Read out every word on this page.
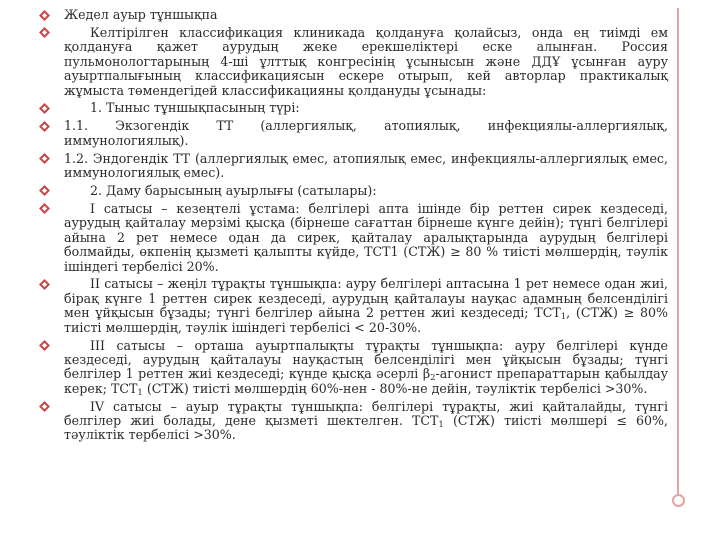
Жедел ауыр тұншықпа
Келтірілген классификация клиникада қолдануға қолайсыз, онда ең тиімді ем қолдануға қажет аурудың жеке ерекшеліктері еске алынған. Россия пульмонологтарының 4-ші ұлттық конгресінің ұсынысын және ДДҰ ұсынған ауру ауыртпалығының классификациясын ескере отырып, кей авторлар практикалық жұмыста төмендегідей классификацияны қолдануды ұсынады:
1. Тыныс тұншықпасының түрі:
1.1. Экзогендік ТТ (аллергиялық, атопиялық, инфекциялы-аллергиялық, иммунологиялық).
1.2. Эндогендік ТТ (аллергиялық емес, атопиялық емес, инфекциялы-аллергиялық емес, иммунологиялық емес).
2. Даму барысының ауырлығы (сатылары):
І сатысы – кезеңтелі ұстама: белгілері апта ішінде бір реттен сирек кездеседі, аурудың қайталау мерзімі қысқа (бірнеше сағаттан бірнеше күнге дейін); түнгі белгілері айына 2 рет немесе одан да сирек, қайталау аралықтарында аурудың белгілері болмайды, өкпенің қызметі қалыпты күйде, ТСТ1 (СТЖ) ≥ 80 % тиісті мөлшердің, тәулік ішіндегі тербелісі 20%.
ІІ сатысы – жеңіл тұрақты тұншықпа: ауру белгілері аптасына 1 рет немесе одан жиі, бірақ күнге 1 реттен сирек кездеседі, аурудың қайталауы науқас адамның белсенділігі мен ұйқысын бұзады; түнгі белгілер айына 2 реттен жиі кездеседі; $ТСТ_1$, (СТЖ) ≥ 80% тиісті мөлшердің, тәулік ішіндегі тербелісі < 20-30%.
ІІІ сатысы – орташа ауыртпалықты тұрақты тұншықпа: ауру белгілері күнде кездеседі, аурудың қайталауы науқастың белсенділігі мен ұйқысын бұзады; түнгі белгілер 1 реттен жиі кездеседі; күнде қысқа әсерлі $\beta_2$-агонист препараттарын қабылдау керек; $ТСТ_1$ (СТЖ) тиісті мөлшердің 60%-нен - 80%-не дейін, тәуліктік тербелісі >30%.
IV сатысы – ауыр тұрақты тұншықпа: белгілері тұрақты, жиі қайталайды, түнгі белгілер жиі болады, дене қызметі шектелген. $ТСТ_1$ (СТЖ) тиісті мөлшері ≤ 60%, тәуліктік тербелісі >30%.
